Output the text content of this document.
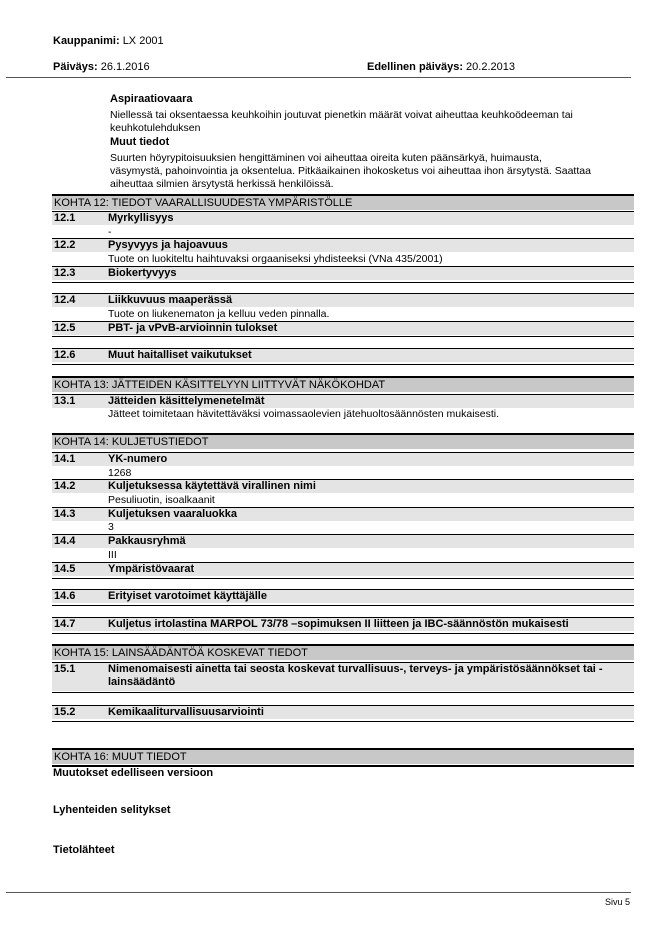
Kauppanimi: LX 2001
Päiväys: 26.1.2016	Edellinen päiväys: 20.2.2013
Aspiraatiovaara
Niellessä tai oksentaessa keuhkoihin joutuvat pienetkin määrät voivat aiheuttaa keuhkoödeeman tai
keuhkotulehduksen
Muut tiedot
Suurten höyrypitoisuuksien hengittäminen voi aiheuttaa oireita kuten päänsärkyä, huimausta,
väsymystä, pahoinvointia ja oksentelua. Pitkäaikainen ihokosketus voi aiheuttaa ihon ärsytystä. Saattaa
aiheuttaa silmien ärsytystä herkissä henkilöissä.
KOHTA 12: TIEDOT VAARALLISUUDESTA YMPÄRISTÖLLE
12.1	Myrkyllisyys
-
12.2	Pysyvyys ja hajoavuus
Tuote on luokiteltu haihtuvaksi orgaaniseksi yhdisteeksi (VNa 435/2001)
12.3	Biokertyvyys
12.4	Liikkuvuus maaperässä
Tuote on liukenematon ja kelluu veden pinnalla.
12.5	PBT- ja vPvB-arvioinnin tulokset
12.6	Muut haitalliset vaikutukset
KOHTA 13: JÄTTEIDEN KÄSITTELYYN LIITTYVÄT NÄKÖKOHDAT
13.1	Jätteiden käsittelymenetelmät
Jätteet toimitetaan hävitettäväksi voimassaolevien jätehuoltosäännösten mukaisesti.
KOHTA 14: KULJETUSTIEDOT
14.1	YK-numero
1268
14.2	Kuljetuksessa käytettävä virallinen nimi
Pesuliuotin, isoalkaanit
14.3	Kuljetuksen vaaraluokka
3
14.4	Pakkausryhmä
III
14.5	Ympäristövaarat
14.6	Erityiset varotoimet käyttäjälle
14.7	Kuljetus irtolastina MARPOL 73/78 –sopimuksen II liitteen ja IBC-säännöstön mukaisesti
KOHTA 15: LAINSÄÄDÄNTÖÄ KOSKEVAT TIEDOT
15.1	Nimenomaisesti ainetta tai seosta koskevat turvallisuus-, terveys- ja ympäristösäännökset tai -
lainsäädäntö
15.2	Kemikaaliturvallisuusarviointi
KOHTA 16: MUUT TIEDOT
Muutokset edelliseen versioon
Lyhenteiden selitykset
Tietolähteet
Sivu 5
